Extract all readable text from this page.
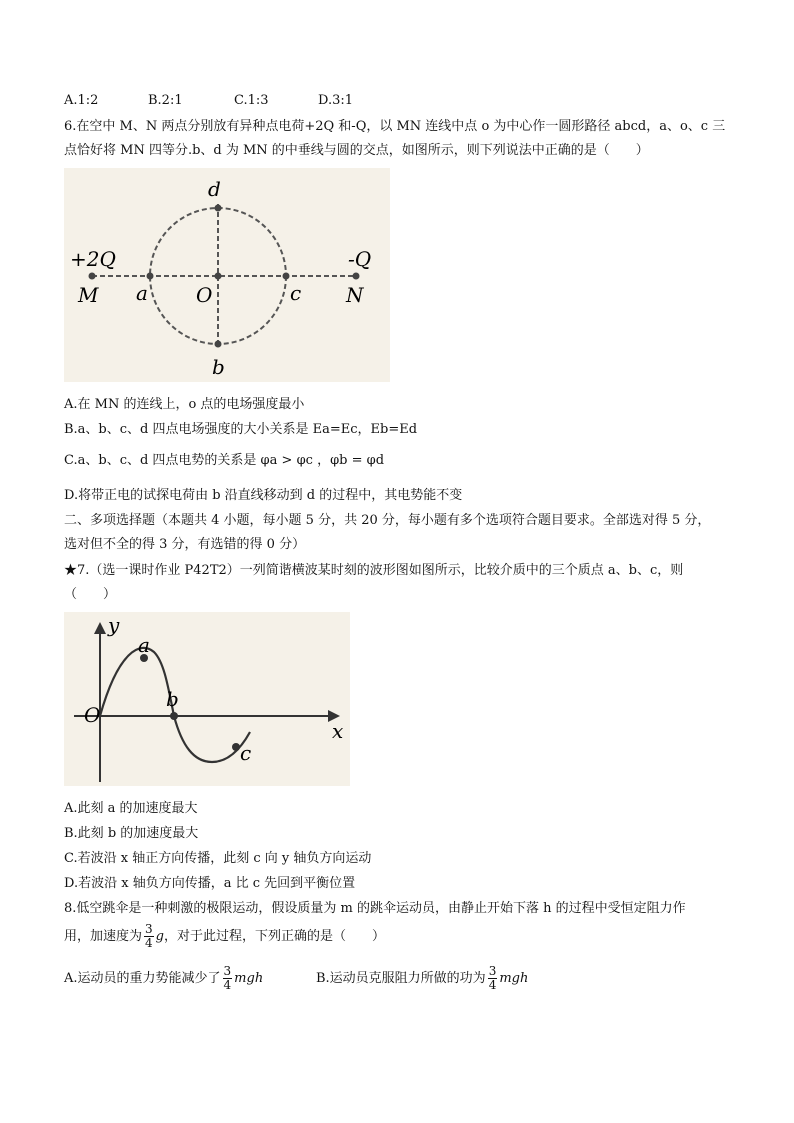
A.1:2	B.2:1	C.1:3	D.3:1
6.在空中 M、N 两点分别放有异种点电荷+2Q 和-Q，以 MN 连线中点 o 为中心作一圆形路径 abcd，a、o、c 三
点恰好将 MN 四等分.b、d 为 MN 的中垂线与圆的交点，如图所示，则下列说法中正确的是（　　）
d
b
+2Q	-Q
M a O	c N
A.在 MN 的连线上，o 点的电场强度最小
B.a、b、c、d 四点电场强度的大小关系是 Ea=Ec，Eb=Ed
C.a、b、c、d 四点电势的关系是 φa > φc ，φb = φd
D.将带正电的试探电荷由 b 沿直线移动到 d 的过程中，其电势能不变
二、多项选择题（本题共 4 小题，每小题 5 分，共 20 分，每小题有多个选项符合题目要求。全部选对得 5 分，
选对但不全的得 3 分，有选错的得 0 分）
★7.（选一课时作业 P42T2）一列简谐横波某时刻的波形图如图所示，比较介质中的三个质点 a、b、c，则
（　　）
y
x
O
a
b
c
A.此刻 a 的加速度最大
B.此刻 b 的加速度最大
C.若波沿 x 轴正方向传播，此刻 c 向 y 轴负方向运动
D.若波沿 x 轴负方向传播，a 比 c 先回到平衡位置
8.低空跳伞是一种刺激的极限运动，假设质量为 m 的跳伞运动员，由静止开始下落 h 的过程中受恒定阻力作
用，加速度为 $\frac{3}{4}$ g，对于此过程，下列正确的是（　　）
A.运动员的重力势能减少了 $\frac{3}{4}$ mgh	B.运动员克服阻力所做的功为 $\frac{3}{4}$ mgh
